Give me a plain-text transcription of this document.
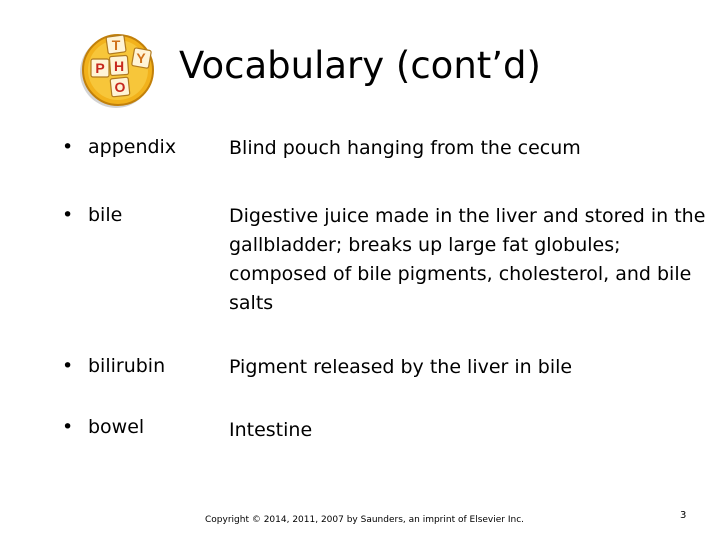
T
P H Y
O	Vocabulary (cont’d)
• appendix	Blind pouch hanging from the cecum
• bile	Digestive juice made in the liver and stored in the gallbladder; breaks up large fat globules; composed of bile pigments, cholesterol, and bile salts
• bilirubin	Pigment released by the liver in bile
• bowel	Intestine
Copyright © 2014, 2011, 2007 by Saunders, an imprint of Elsevier Inc.	3
